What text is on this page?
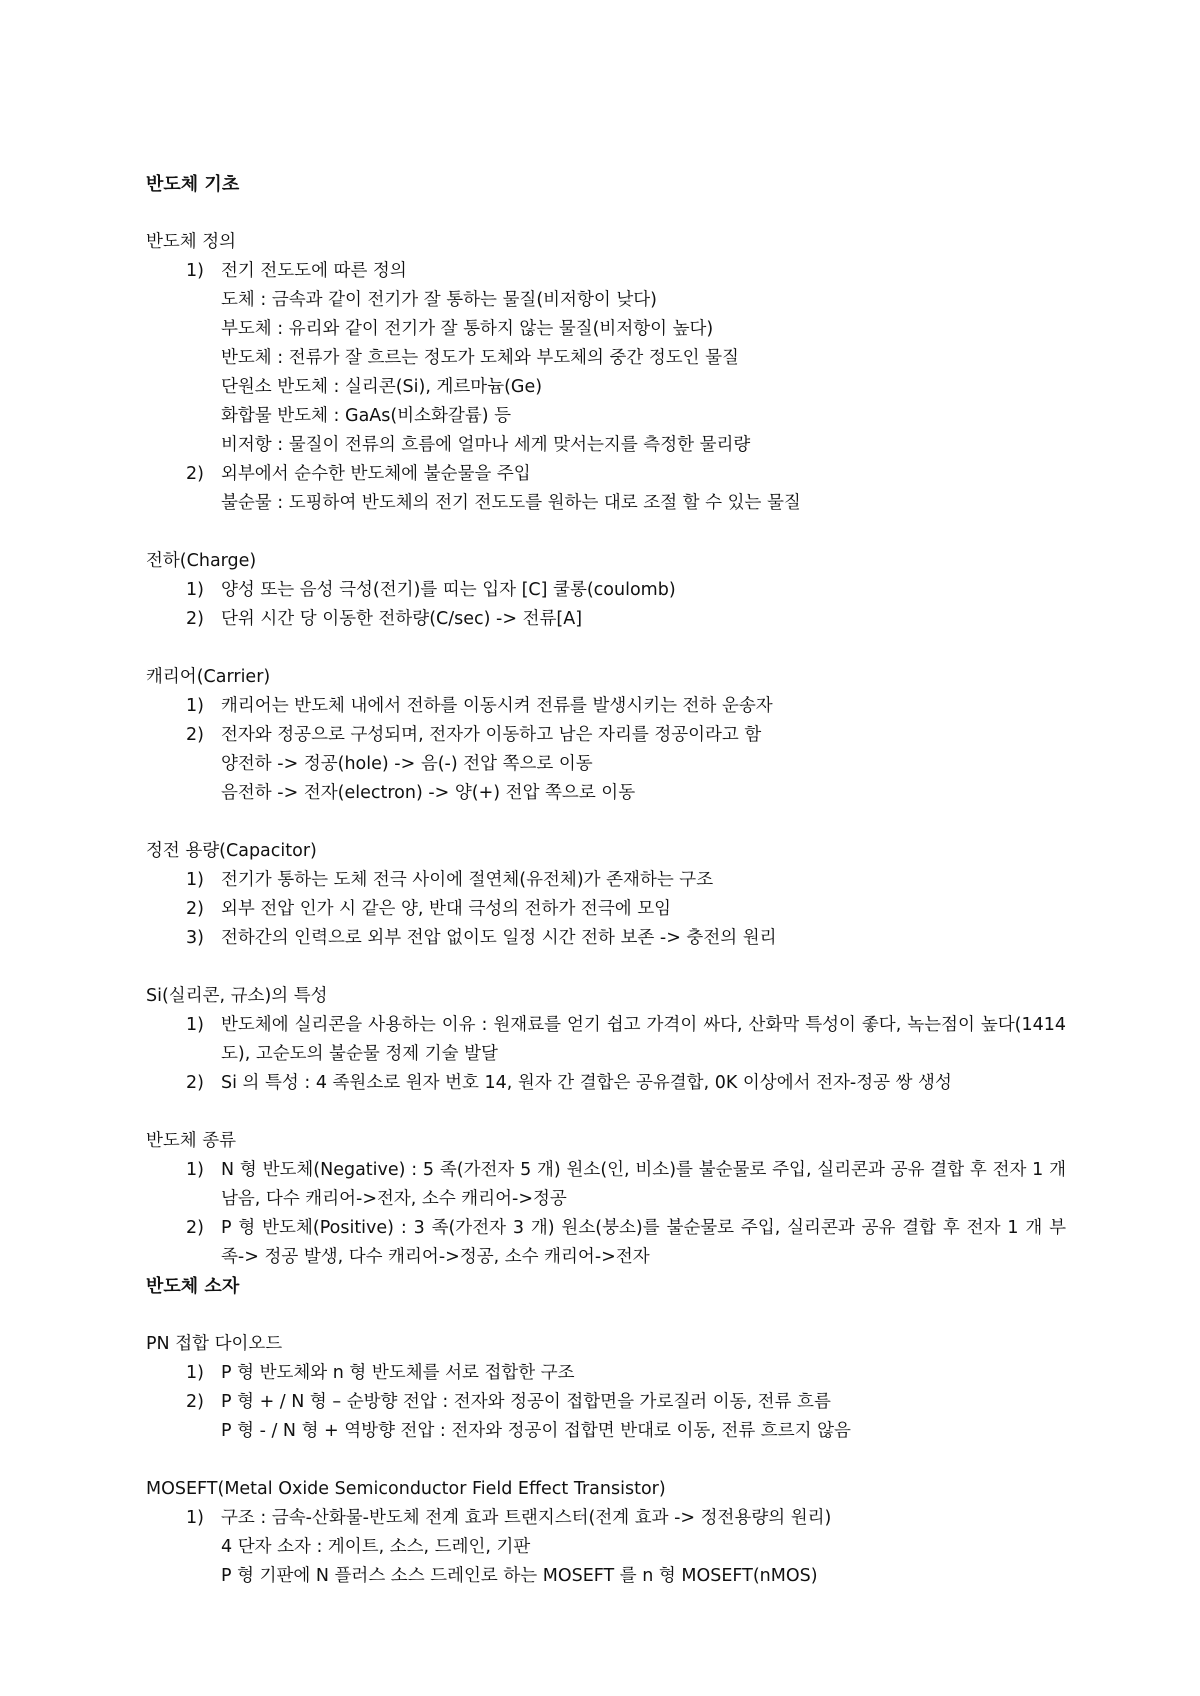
반도체 기초
반도체 정의
1) 전기 전도도에 따른 정의
도체 : 금속과 같이 전기가 잘 통하는 물질(비저항이 낮다)
부도체 : 유리와 같이 전기가 잘 통하지 않는 물질(비저항이 높다)
반도체 : 전류가 잘 흐르는 정도가 도체와 부도체의 중간 정도인 물질
단원소 반도체 : 실리콘(Si), 게르마늄(Ge)
화합물 반도체 : GaAs(비소화갈륨) 등
비저항 : 물질이 전류의 흐름에 얼마나 세게 맞서는지를 측정한 물리량
2) 외부에서 순수한 반도체에 불순물을 주입
불순물 : 도핑하여 반도체의 전기 전도도를 원하는 대로 조절 할 수 있는 물질
전하(Charge)
1) 양성 또는 음성 극성(전기)를 띠는 입자 [C] 쿨롱(coulomb)
2) 단위 시간 당 이동한 전하량(C/sec) -> 전류[A]
캐리어(Carrier)
1) 캐리어는 반도체 내에서 전하를 이동시켜 전류를 발생시키는 전하 운송자
2) 전자와 정공으로 구성되며, 전자가 이동하고 남은 자리를 정공이라고 함
양전하 -> 정공(hole) -> 음(-) 전압 쪽으로 이동
음전하 -> 전자(electron) -> 양(+) 전압 쪽으로 이동
정전 용량(Capacitor)
1) 전기가 통하는 도체 전극 사이에 절연체(유전체)가 존재하는 구조
2) 외부 전압 인가 시 같은 양, 반대 극성의 전하가 전극에 모임
3) 전하간의 인력으로 외부 전압 없이도 일정 시간 전하 보존 -> 충전의 원리
Si(실리콘, 규소)의 특성
1) 반도체에 실리콘을 사용하는 이유 : 원재료를 얻기 쉽고 가격이 싸다, 산화막 특성이 좋다, 녹는점이 높다(1414 도), 고순도의 불순물 정제 기술 발달
2) Si 의 특성 : 4 족원소로 원자 번호 14, 원자 간 결합은 공유결합, 0K 이상에서 전자-정공 쌍 생성
반도체 종류
1) N 형 반도체(Negative) : 5 족(가전자 5 개) 원소(인, 비소)를 불순물로 주입, 실리콘과 공유 결합 후 전자 1 개 남음, 다수 캐리어->전자, 소수 캐리어->정공
2) P 형 반도체(Positive) : 3 족(가전자 3 개) 원소(붕소)를 불순물로 주입, 실리콘과 공유 결합 후 전자 1 개 부족-> 정공 발생, 다수 캐리어->정공, 소수 캐리어->전자
반도체 소자
PN 접합 다이오드
1) P 형 반도체와 n 형 반도체를 서로 접합한 구조
2) P 형 + / N 형 – 순방향 전압 : 전자와 정공이 접합면을 가로질러 이동, 전류 흐름
P 형 - / N 형 + 역방향 전압 : 전자와 정공이 접합면 반대로 이동, 전류 흐르지 않음
MOSEFT(Metal Oxide Semiconductor Field Effect Transistor)
1) 구조 : 금속-산화물-반도체 전계 효과 트랜지스터(전계 효과 -> 정전용량의 원리)
4 단자 소자 : 게이트, 소스, 드레인, 기판
P 형 기판에 N 플러스 소스 드레인로 하는 MOSEFT 를 n 형 MOSEFT(nMOS)
